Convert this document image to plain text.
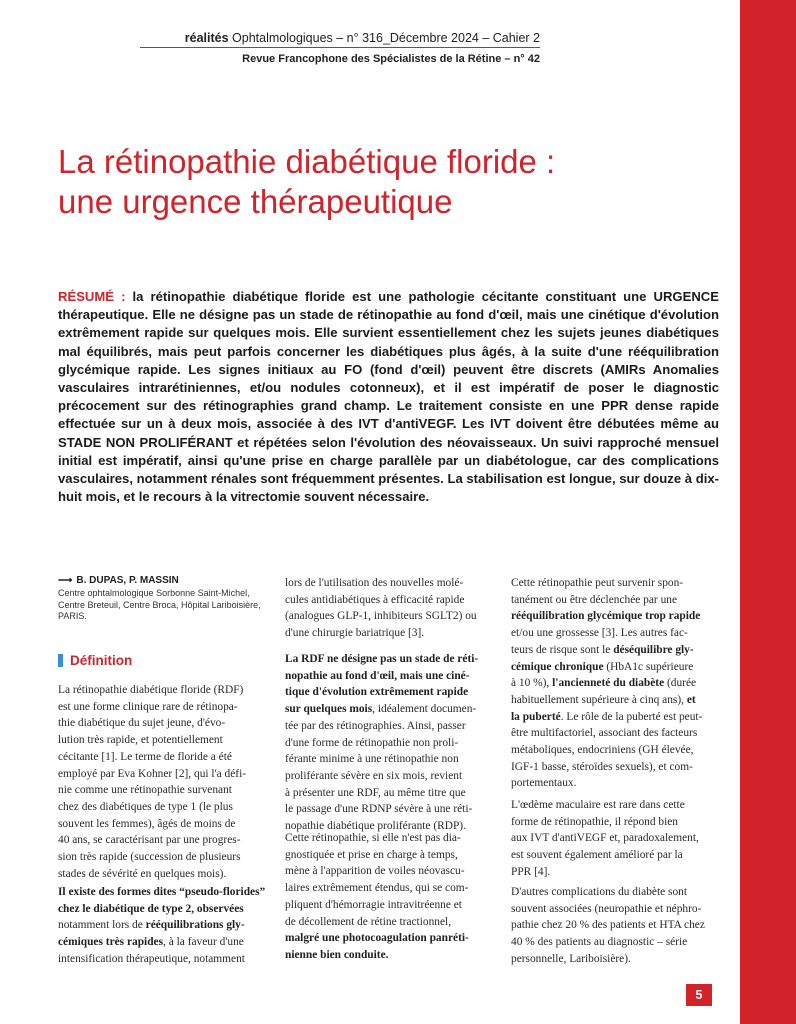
réalités Ophtalmologiques – n° 316_Décembre 2024 – Cahier 2
Revue Francophone des Spécialistes de la Rétine – n° 42
La rétinopathie diabétique floride :
une urgence thérapeutique

RÉSUMÉ : la rétinopathie diabétique floride est une pathologie cécitante constituant une URGENCE thérapeutique. Elle ne désigne pas un stade de rétinopathie au fond d'œil, mais une cinétique d'évolution extrêmement rapide sur quelques mois. Elle survient essentiellement chez les sujets jeunes diabétiques mal équilibrés, mais peut parfois concerner les diabétiques plus âgés, à la suite d'une rééquilibration glycémique rapide. Les signes initiaux au FO (fond d'œil) peuvent être discrets (AMIRs Anomalies vasculaires intrarétiniennes, et/ou nodules cotonneux), et il est impératif de poser le diagnostic précocement sur des rétinographies grand champ. Le traitement consiste en une PPR dense rapide effectuée sur un à deux mois, associée à des IVT d'antiVEGF. Les IVT doivent être débutées même au STADE NON PROLIFÉRANT et répétées selon l'évolution des néovaisseaux. Un suivi rapproché mensuel initial est impératif, ainsi qu'une prise en charge parallèle par un diabétologue, car des complications vasculaires, notamment rénales sont fréquemment présentes. La stabilisation est longue, sur douze à dix-huit mois, et le recours à la vitrectomie souvent nécessaire.

⟶ B. DUPAS, P. MASSIN

Centre ophtalmologique Sorbonne Saint-Michel,
Centre Breteuil, Centre Broca, Hôpital Lariboisière,
PARIS.

Définition

La rétinopathie diabétique floride (RDF)
est une forme clinique rare de rétinopa-
thie diabétique du sujet jeune, d'évo-
lution très rapide, et potentiellement
cécitante [1]. Le terme de floride a été
employé par Eva Kohner [2], qui l'a défi-
nie comme une rétinopathie survenant
chez des diabétiques de type 1 (le plus
souvent les femmes), âgés de moins de
40 ans, se caractérisant par une progres-
sion très rapide (succession de plusieurs
stades de sévérité en quelques mois).

Il existe des formes dites “pseudo-florides”
chez le diabétique de type 2, observées
notamment lors de rééquilibrations gly-
cémiques très rapides, à la faveur d'une
intensification thérapeutique, notamment

lors de l'utilisation des nouvelles molé-
cules antidiabétiques à efficacité rapide
(analogues GLP-1, inhibiteurs SGLT2) ou
d'une chirurgie bariatrique [3].

La RDF ne désigne pas un stade de réti-
nopathie au fond d'œil, mais une ciné-
tique d'évolution extrêmement rapide
sur quelques mois, idéalement documen-
tée par des rétinographies. Ainsi, passer
d'une forme de rétinopathie non proli-
férante minime à une rétinopathie non
proliférante sévère en six mois, revient
à présenter une RDF, au même titre que
le passage d'une RDNP sévère à une réti-
nopathie diabétique proliférante (RDP).

Cette rétinopathie, si elle n'est pas dia-
gnostiquée et prise en charge à temps,
mène à l'apparition de voiles néovascu-
laires extrêmement étendus, qui se com-
pliquent d'hémorragie intravitréenne et
de décollement de rétine tractionnel,
malgré une photocoagulation panréti-
nienne bien conduite.

Cette rétinopathie peut survenir spon-
tanément ou être déclenchée par une
rééquilibration glycémique trop rapide
et/ou une grossesse [3]. Les autres fac-
teurs de risque sont le déséquilibre gly-
cémique chronique (HbA1c supérieure
à 10 %), l'ancienneté du diabète (durée
habituellement supérieure à cinq ans), et
la puberté. Le rôle de la puberté est peut-
être multifactoriel, associant des facteurs
métaboliques, endocriniens (GH élevée,
IGF-1 basse, stéroïdes sexuels), et com-
portementaux.

L'œdème maculaire est rare dans cette
forme de rétinopathie, il répond bien
aux IVT d'antiVEGF et, paradoxalement,
est souvent également amélioré par la
PPR [4].

D'autres complications du diabète sont
souvent associées (neuropathie et néphro-
pathie chez 20 % des patients et HTA chez
40 % des patients au diagnostic – série
personnelle, Lariboisière).

5
